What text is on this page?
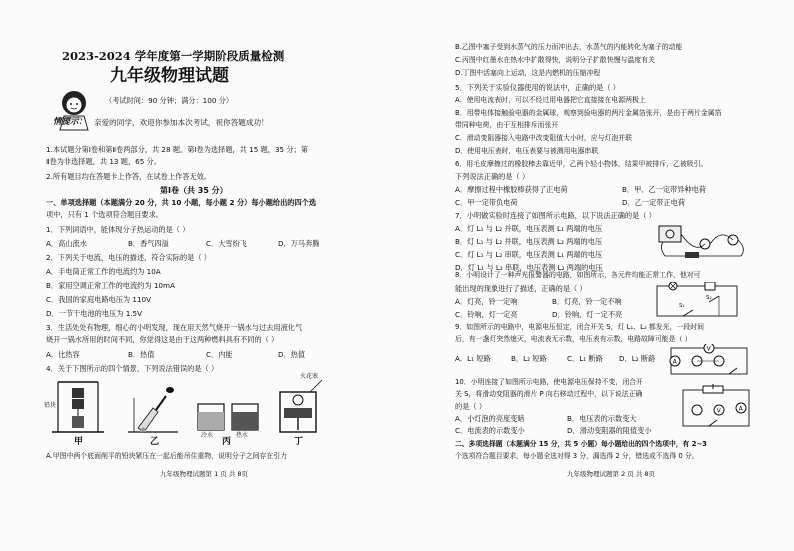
2023-2024 学年度第一学期阶段质量检测
九年级物理试题
（考试时间：90 分钟；满分：100 分）
情提示： 亲爱的同学，欢迎你参加本次考试，祝你答题成功！
1.本试题分第Ⅰ卷和第Ⅱ卷两部分，共 28 题。第Ⅰ卷为选择题，共 15 题，35 分；第
Ⅱ卷为非选择题，共 13 题，65 分。
2.所有题目均在答题卡上作答，在试卷上作答无效。
第Ⅰ卷（共 35 分）
一、单项选择题（本题满分 20 分，共 10 小题，每小题 2 分）每小题给出的四个选
项中，只有 1 个选项符合题目要求。
1．下列词语中，能体现分子热运动的是（ ）
A．高山流水	B．香气四溢	C．大雪纷飞	D．万马奔腾
2．下列关于电流、电压的描述，符合实际的是（ ）
A．手电筒正常工作的电流约为 10A
B．家用空调正常工作的电流约为 10mA
C．我国的家庭电路电压为 110V
D．一节干电池的电压为 1.5V
3．生活处处有物理，细心的小明发现，现在用天然气烧开一锅水与过去用液化气
烧开一锅水所用的时间不同，你觉得这是由于这两种燃料具有不同的（ ）
A．比热容	B．热值	C．内能	D．热值
4．关于下图所示的四个情景，下列说法错误的是（ ）
铅块
冷水	热水
火花塞
甲	乙	丙	丁
A.甲图中两个底面削平的铅块紧压在一起后能吊住重物，说明分子之间存在引力
九年级物理试题第 1 页 共 8页
B.乙图中塞子受到水蒸气的压力而冲出去，水蒸气的内能转化为塞子的动能
C.丙图中红墨水在热水中扩散得快，说明分子扩散快慢与温度有关
D.丁图中活塞向上运动，这是内燃机的压缩冲程
5．下列关于实验仪器使用的说法中，正确的是（ ）
A．使用电流表时，可以不经过用电器把它直接接在电源两极上
B．用带电体接触验电器的金属球，观察到验电器的两片金属箔张开，是由于两片金属箔
带同种电荷，由于互相排斥而张开
C．滑动变阻器接入电路中改变阻值大小时，应与灯泡并联
D．使用电压表时，电压表要与被测用电器串联
6．用毛皮摩擦过的橡胶棒去靠近甲，乙两个轻小物体，结果甲被排斥，乙被吸引。
下列说法正确的是（ ）
A．摩擦过程中橡胶棒获得了正电荷	B．甲、乙一定带异种电荷
C．甲一定带负电荷	D．乙一定带正电荷
7．小明做实验时连接了如图所示电路，以下说法正确的是（ ）
A．灯 L₁ 与 L₂ 并联，电压表测 L₁ 两端的电压
B．灯 L₁ 与 L₂ 并联，电压表测 L₂ 两端的电压
C．灯 L₁ 与 L₂ 串联，电压表测 L₁ 两端的电压
D．灯 L₁ 与 L₂ 串联，电压表测 L₂ 两端的电压
8．小明设计了一种声光报警器的电路，如图所示，各元件均能正常工作，他对可
能出现的现象进行了描述，正确的是（ ）
A．灯亮，铃一定响	B．灯亮，铃一定不响
C．铃响，灯一定亮	D．铃响，灯一定不亮
S₁
S₂
9．如图所示的电路中，电源电压恒定，闭合开关 S，灯 L₁、L₂ 都发光，一段时间
后，有一盏灯突然熄灭，电流表无示数，电压表有示数，电路故障可能是（ ）
A
V
A．L₁ 短路	B．L₂ 短路	C．L₁ 断路 D．L₂ 断路
10．小明连接了如图所示电路，使电源电压保持不变，闭合开
关 S，将滑动变阻器的滑片 P 向右移动过程中，以下说法正确
的是（ ）
A．小灯泡的亮度变暗	B．电压表的示数变大
C．电流表的示数变小	D．滑动变阻器的阻值变小
V	A
二、多项选择题（本题满分 15 分，共 5 小题）每小题给出的四个选项中，有 2~3
个选项符合题目要求，每小题全选对得 3 分，漏选得 2 分，错选或不选得 0 分。
九年级物理试题第 2 页 共 8页
